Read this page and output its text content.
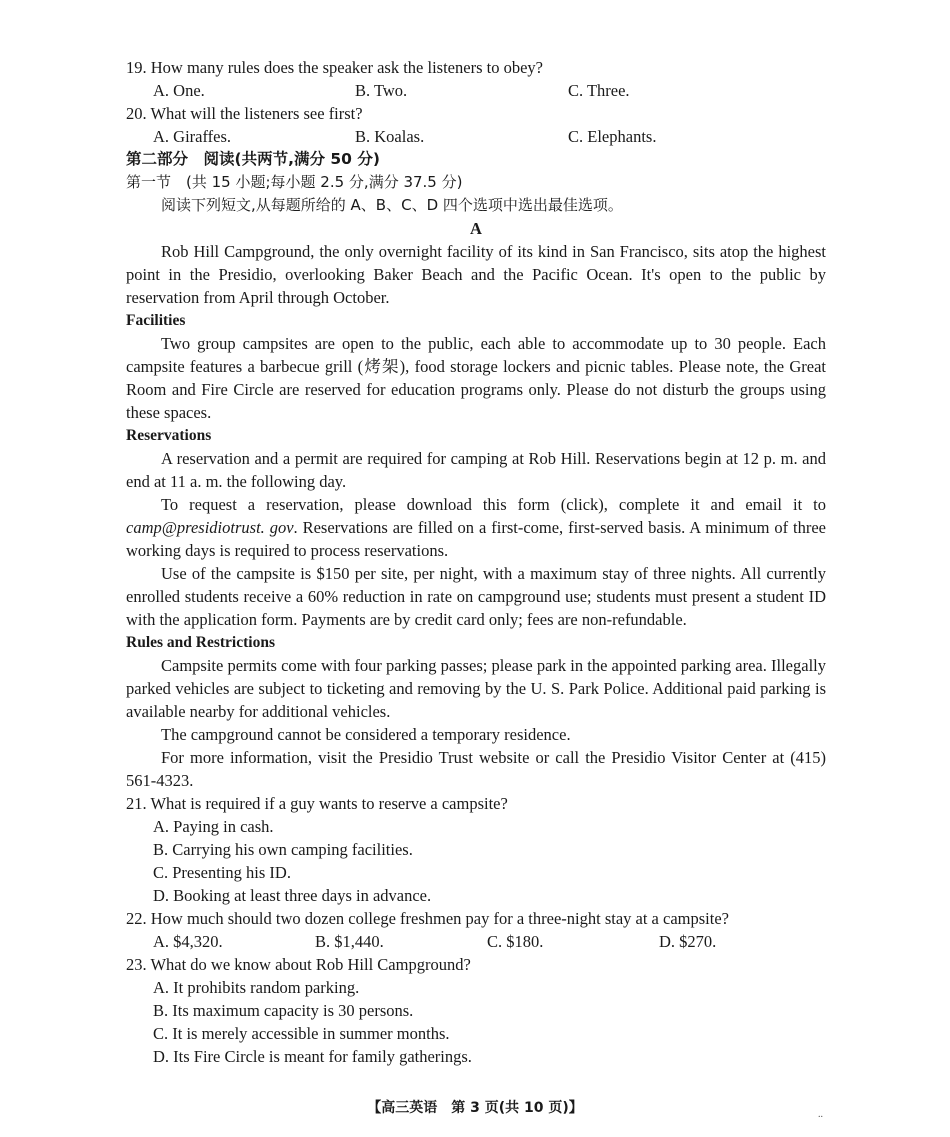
19. How many rules does the speaker ask the listeners to obey?

A. One.	B. Two.	C. Three.

20. What will the listeners see first?

A. Giraffes.	B. Koalas.	C. Elephants.

第二部分　阅读(共两节,满分 50 分)

第一节　(共 15 小题;每小题 2.5 分,满分 37.5 分)

阅读下列短文,从每题所给的 A、B、C、D 四个选项中选出最佳选项。

A

Rob Hill Campground, the only overnight facility of its kind in San Francisco, sits atop the highest point in the Presidio, overlooking Baker Beach and the Pacific Ocean. It's open to the public by reservation from April through October.

Facilities

Two group campsites are open to the public, each able to accommodate up to 30 people. Each campsite features a barbecue grill (烤架), food storage lockers and picnic tables. Please note, the Great Room and Fire Circle are reserved for education programs only. Please do not disturb the groups using these spaces.

Reservations

A reservation and a permit are required for camping at Rob Hill. Reservations begin at 12 p. m. and end at 11 a. m. the following day.

To request a reservation, please download this form (click), complete it and email it to camp@presidiotrust. gov. Reservations are filled on a first-come, first-served basis. A minimum of three working days is required to process reservations.

Use of the campsite is $150 per site, per night, with a maximum stay of three nights. All currently enrolled students receive a 60% reduction in rate on campground use; students must present a student ID with the application form. Payments are by credit card only; fees are non-refundable.

Rules and Restrictions

Campsite permits come with four parking passes; please park in the appointed parking area. Illegally parked vehicles are subject to ticketing and removing by the U. S. Park Police. Additional paid parking is available nearby for additional vehicles.

The campground cannot be considered a temporary residence.

For more information, visit the Presidio Trust website or call the Presidio Visitor Center at (415) 561-4323.

21. What is required if a guy wants to reserve a campsite?

A. Paying in cash.

B. Carrying his own camping facilities.

C. Presenting his ID.

D. Booking at least three days in advance.

22. How much should two dozen college freshmen pay for a three-night stay at a campsite?

A. $4,320.	B. $1,440.	C. $180.	D. $270.

23. What do we know about Rob Hill Campground?

A. It prohibits random parking.

B. Its maximum capacity is 30 persons.

C. It is merely accessible in summer months.

D. Its Fire Circle is meant for family gatherings.

【高三英语　第 3 页(共 10 页)】	..
